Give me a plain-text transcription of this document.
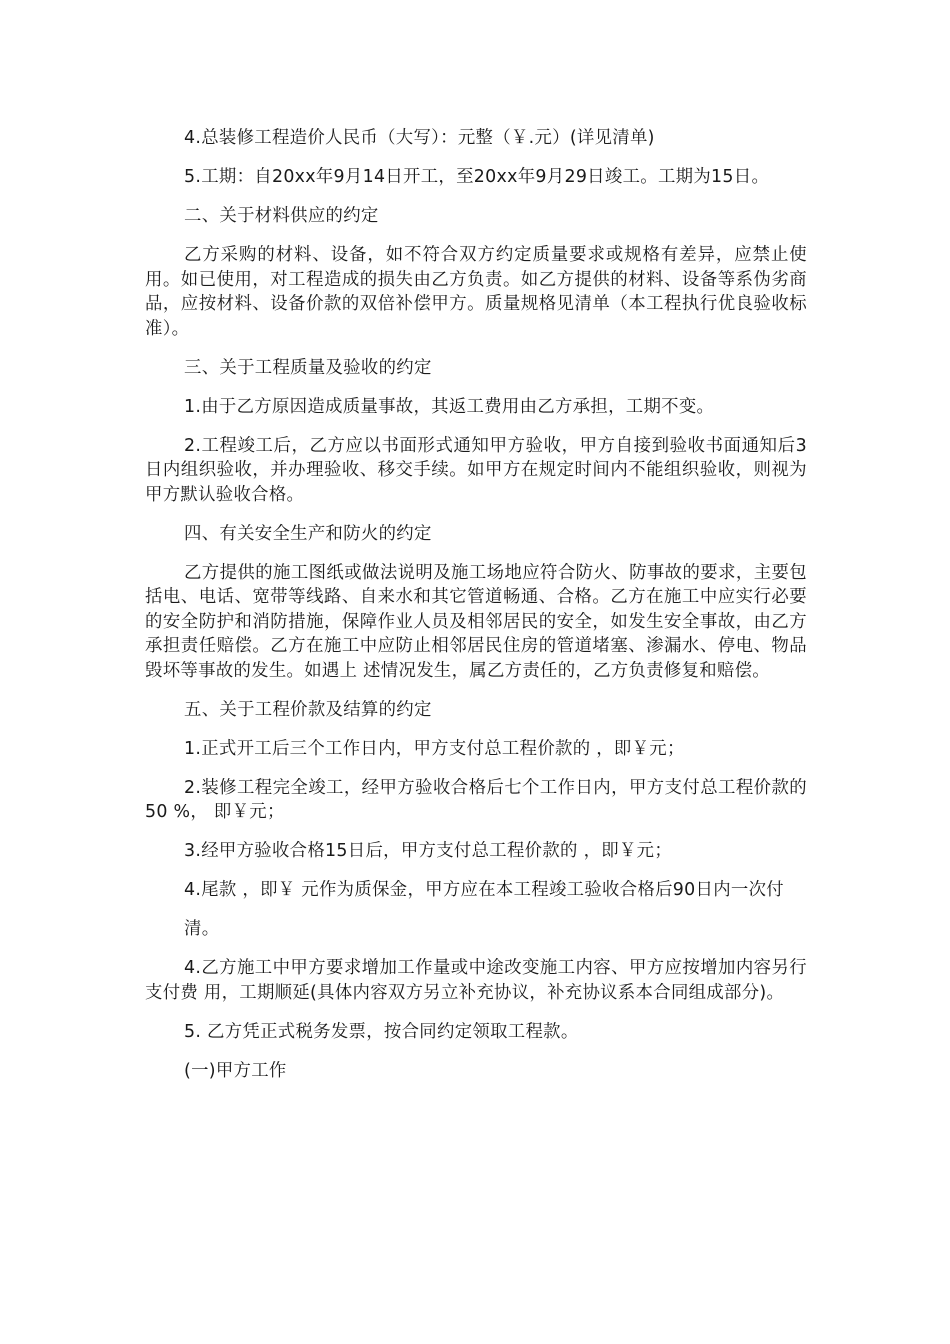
4.总装修工程造价人民币（大写）：元整（￥.元）(详见清单)

5.工期：自20xx年9月14日开工，至20xx年9月29日竣工。工期为15日。

二、关于材料供应的约定

乙方采购的材料、设备，如不符合双方约定质量要求或规格有差异，应禁止使用。如已使用，对工程造成的损失由乙方负责。如乙方提供的材料、设备等系伪劣商品，应按材料、设备价款的双倍补偿甲方。质量规格见清单（本工程执行优良验收标准）。

三、关于工程质量及验收的约定

1.由于乙方原因造成质量事故，其返工费用由乙方承担，工期不变。

2.工程竣工后，乙方应以书面形式通知甲方验收，甲方自接到验收书面通知后3日内组织验收，并办理验收、移交手续。如甲方在规定时间内不能组织验收，则视为甲方默认验收合格。

四、有关安全生产和防火的约定

乙方提供的施工图纸或做法说明及施工场地应符合防火、防事故的要求，主要包括电、电话、宽带等线路、自来水和其它管道畅通、合格。乙方在施工中应实行必要的安全防护和消防措施，保障作业人员及相邻居民的安全，如发生安全事故，由乙方承担责任赔偿。乙方在施工中应防止相邻居民住房的管道堵塞、渗漏水、停电、物品毁坏等事故的发生。如遇上 述情况发生，属乙方责任的，乙方负责修复和赔偿。

五、关于工程价款及结算的约定

1.正式开工后三个工作日内，甲方支付总工程价款的 ，即￥元；

2.装修工程完全竣工，经甲方验收合格后七个工作日内，甲方支付总工程价款的50 %， 即￥元；

3.经甲方验收合格15日后，甲方支付总工程价款的 ，即￥元；

4.尾款 ，即￥ 元作为质保金，甲方应在本工程竣工验收合格后90日内一次付

清。

4.乙方施工中甲方要求增加工作量或中途改变施工内容、甲方应按增加内容另行支付费 用，工期顺延(具体内容双方另立补充协议，补充协议系本合同组成部分)。

5. 乙方凭正式税务发票，按合同约定领取工程款。

(一)甲方工作
